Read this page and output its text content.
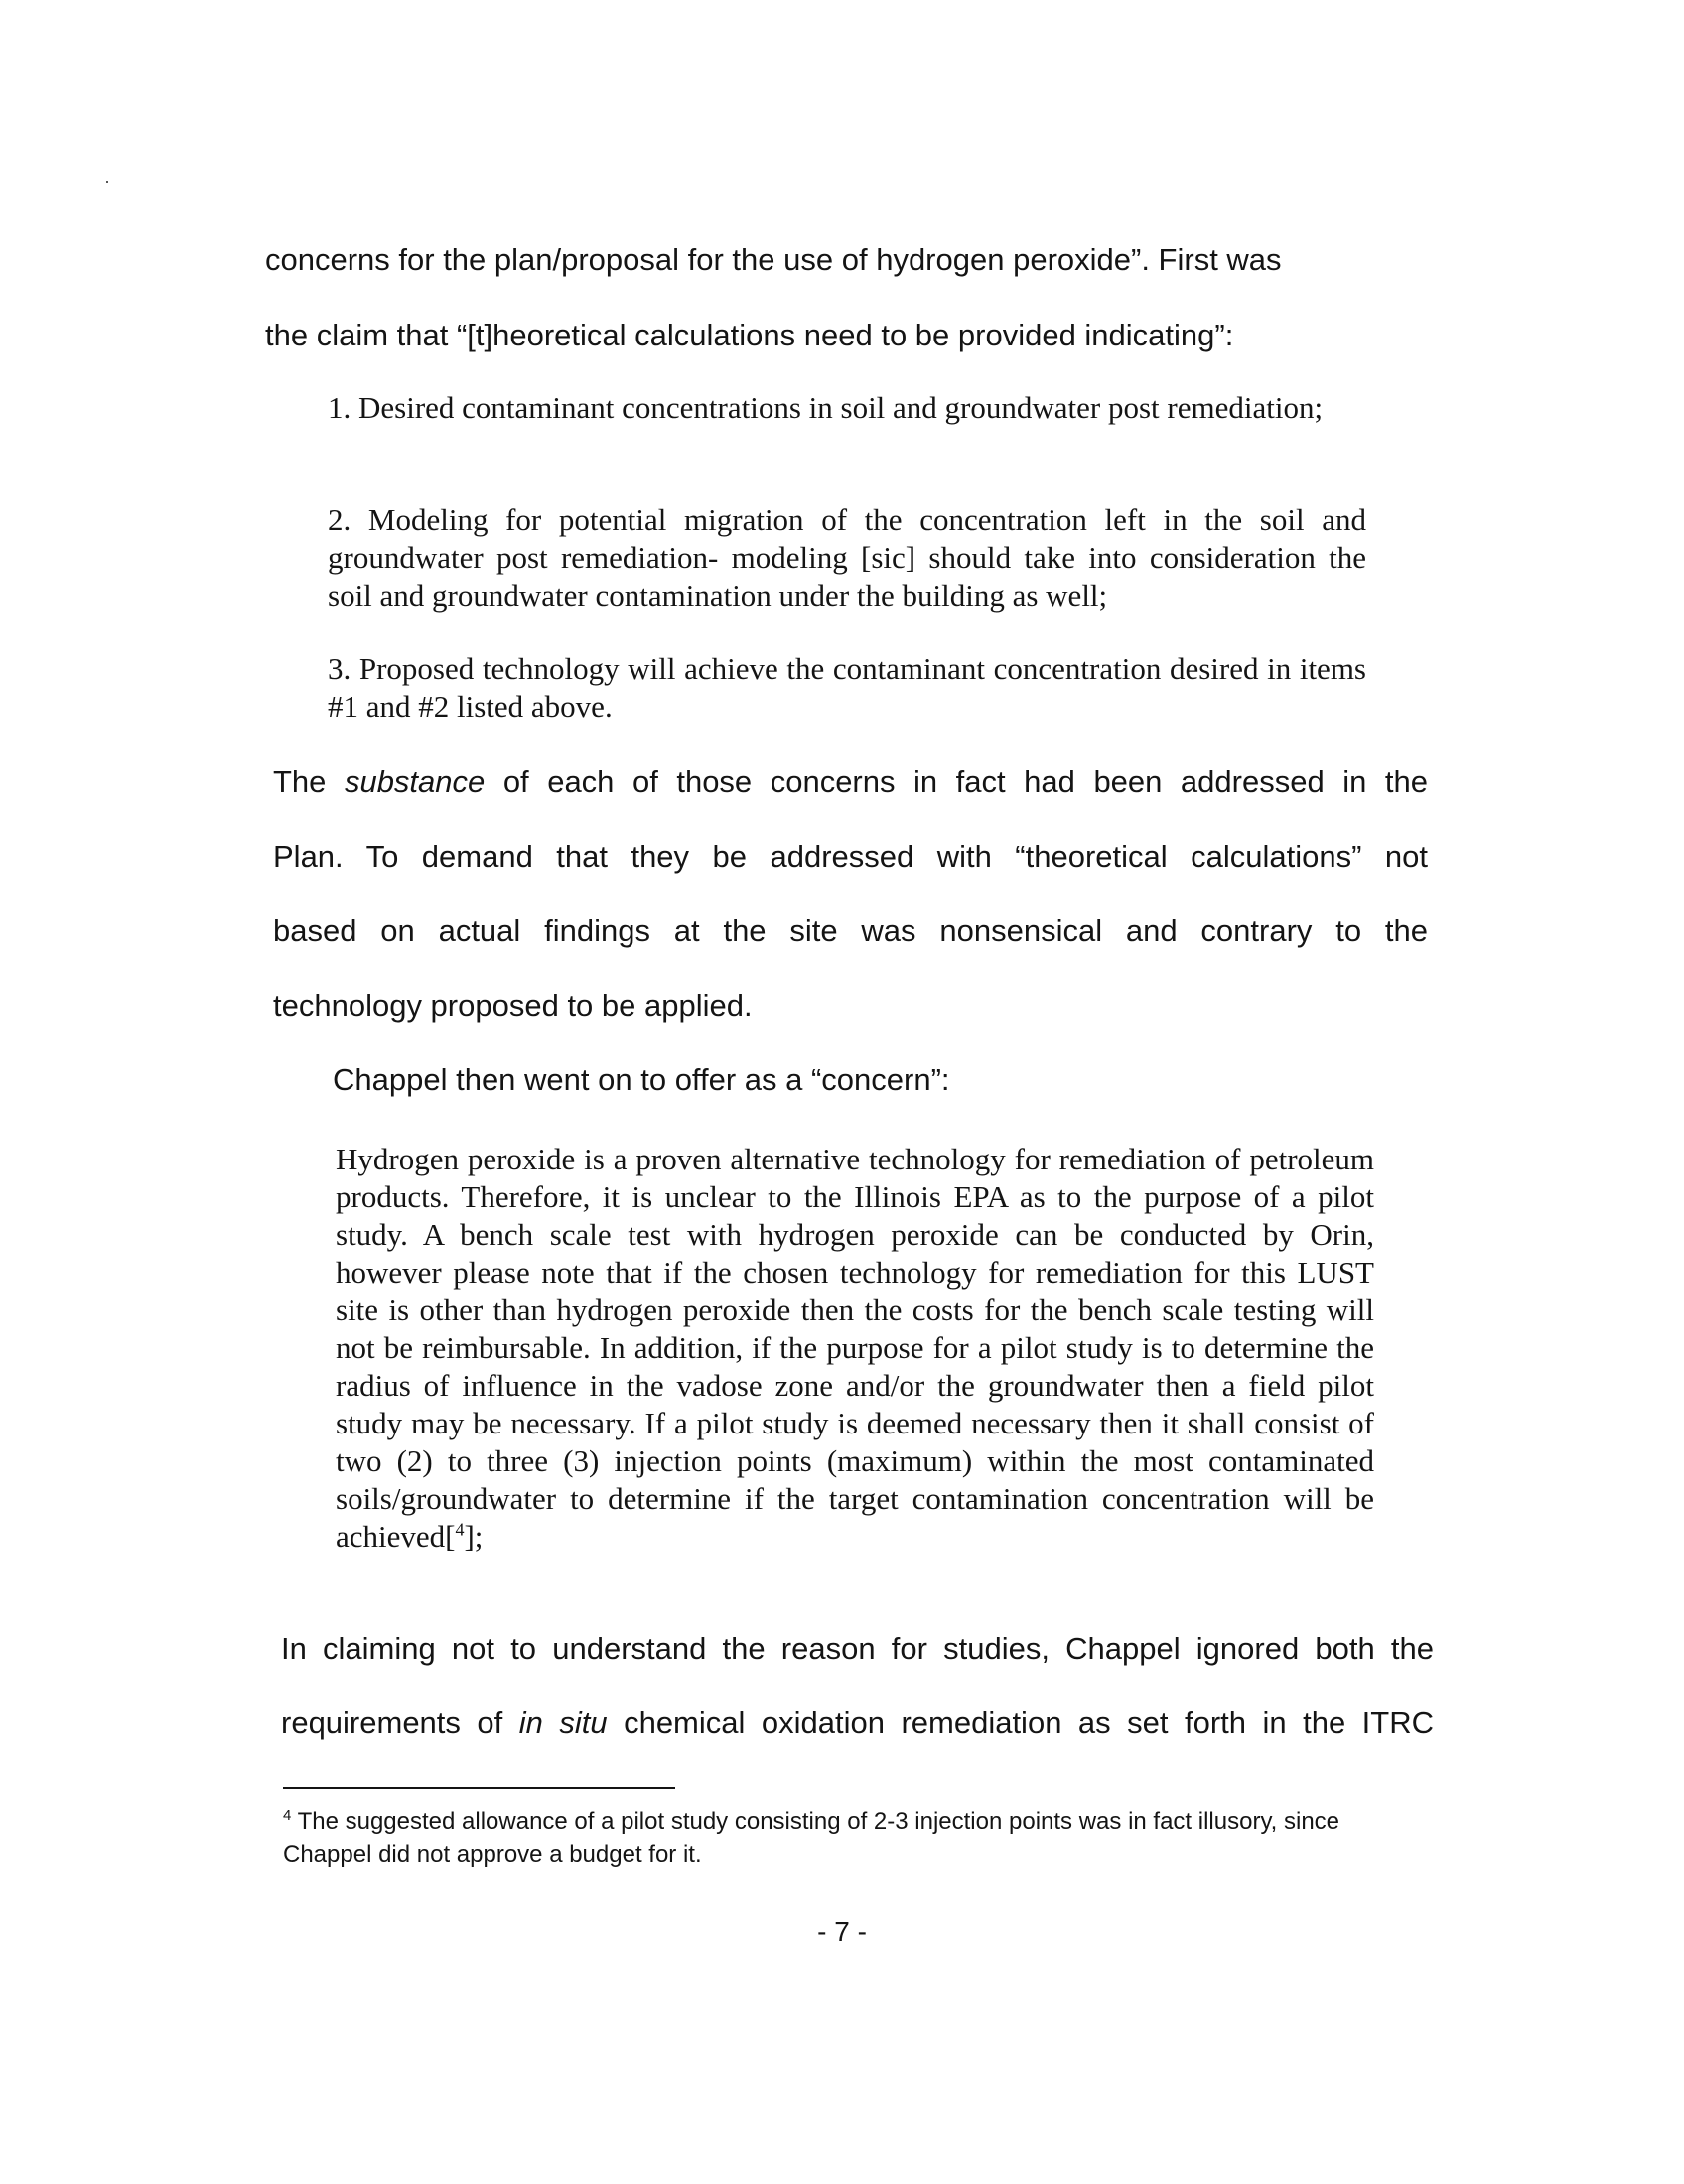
concerns for the plan/proposal for the use of hydrogen peroxide”. First was
the claim that “[t]heoretical calculations need to be provided indicating”:

1. Desired contaminant concentrations in soil and groundwater post remediation;

2. Modeling for potential migration of the concentration left in the soil and groundwater post remediation- modeling [sic] should take into consideration the soil and groundwater contamination under the building as well;

3. Proposed technology will achieve the contaminant concentration desired in items #1 and #2 listed above.

The substance of each of those concerns in fact had been addressed in the
Plan. To demand that they be addressed with “theoretical calculations” not
based on actual findings at the site was nonsensical and contrary to the
technology proposed to be applied.
Chappel then went on to offer as a “concern”:

Hydrogen peroxide is a proven alternative technology for remediation of petroleum products. Therefore, it is unclear to the Illinois EPA as to the purpose of a pilot study. A bench scale test with hydrogen peroxide can be conducted by Orin, however please note that if the chosen technology for remediation for this LUST site is other than hydrogen peroxide then the costs for the bench scale testing will not be reimbursable. In addition, if the purpose for a pilot study is to determine the radius of influence in the vadose zone and/or the groundwater then a field pilot study may be necessary. If a pilot study is deemed necessary then it shall consist of two (2) to three (3) injection points (maximum) within the most contaminated soils/groundwater to determine if the target contamination concentration will be achieved[$^4$];

In claiming not to understand the reason for studies, Chappel ignored both the
requirements of in situ chemical oxidation remediation as set forth in the ITRC
$^4$ The suggested allowance of a pilot study consisting of 2-3 injection points was in fact illusory, since Chappel did not approve a budget for it.
- 7 -
